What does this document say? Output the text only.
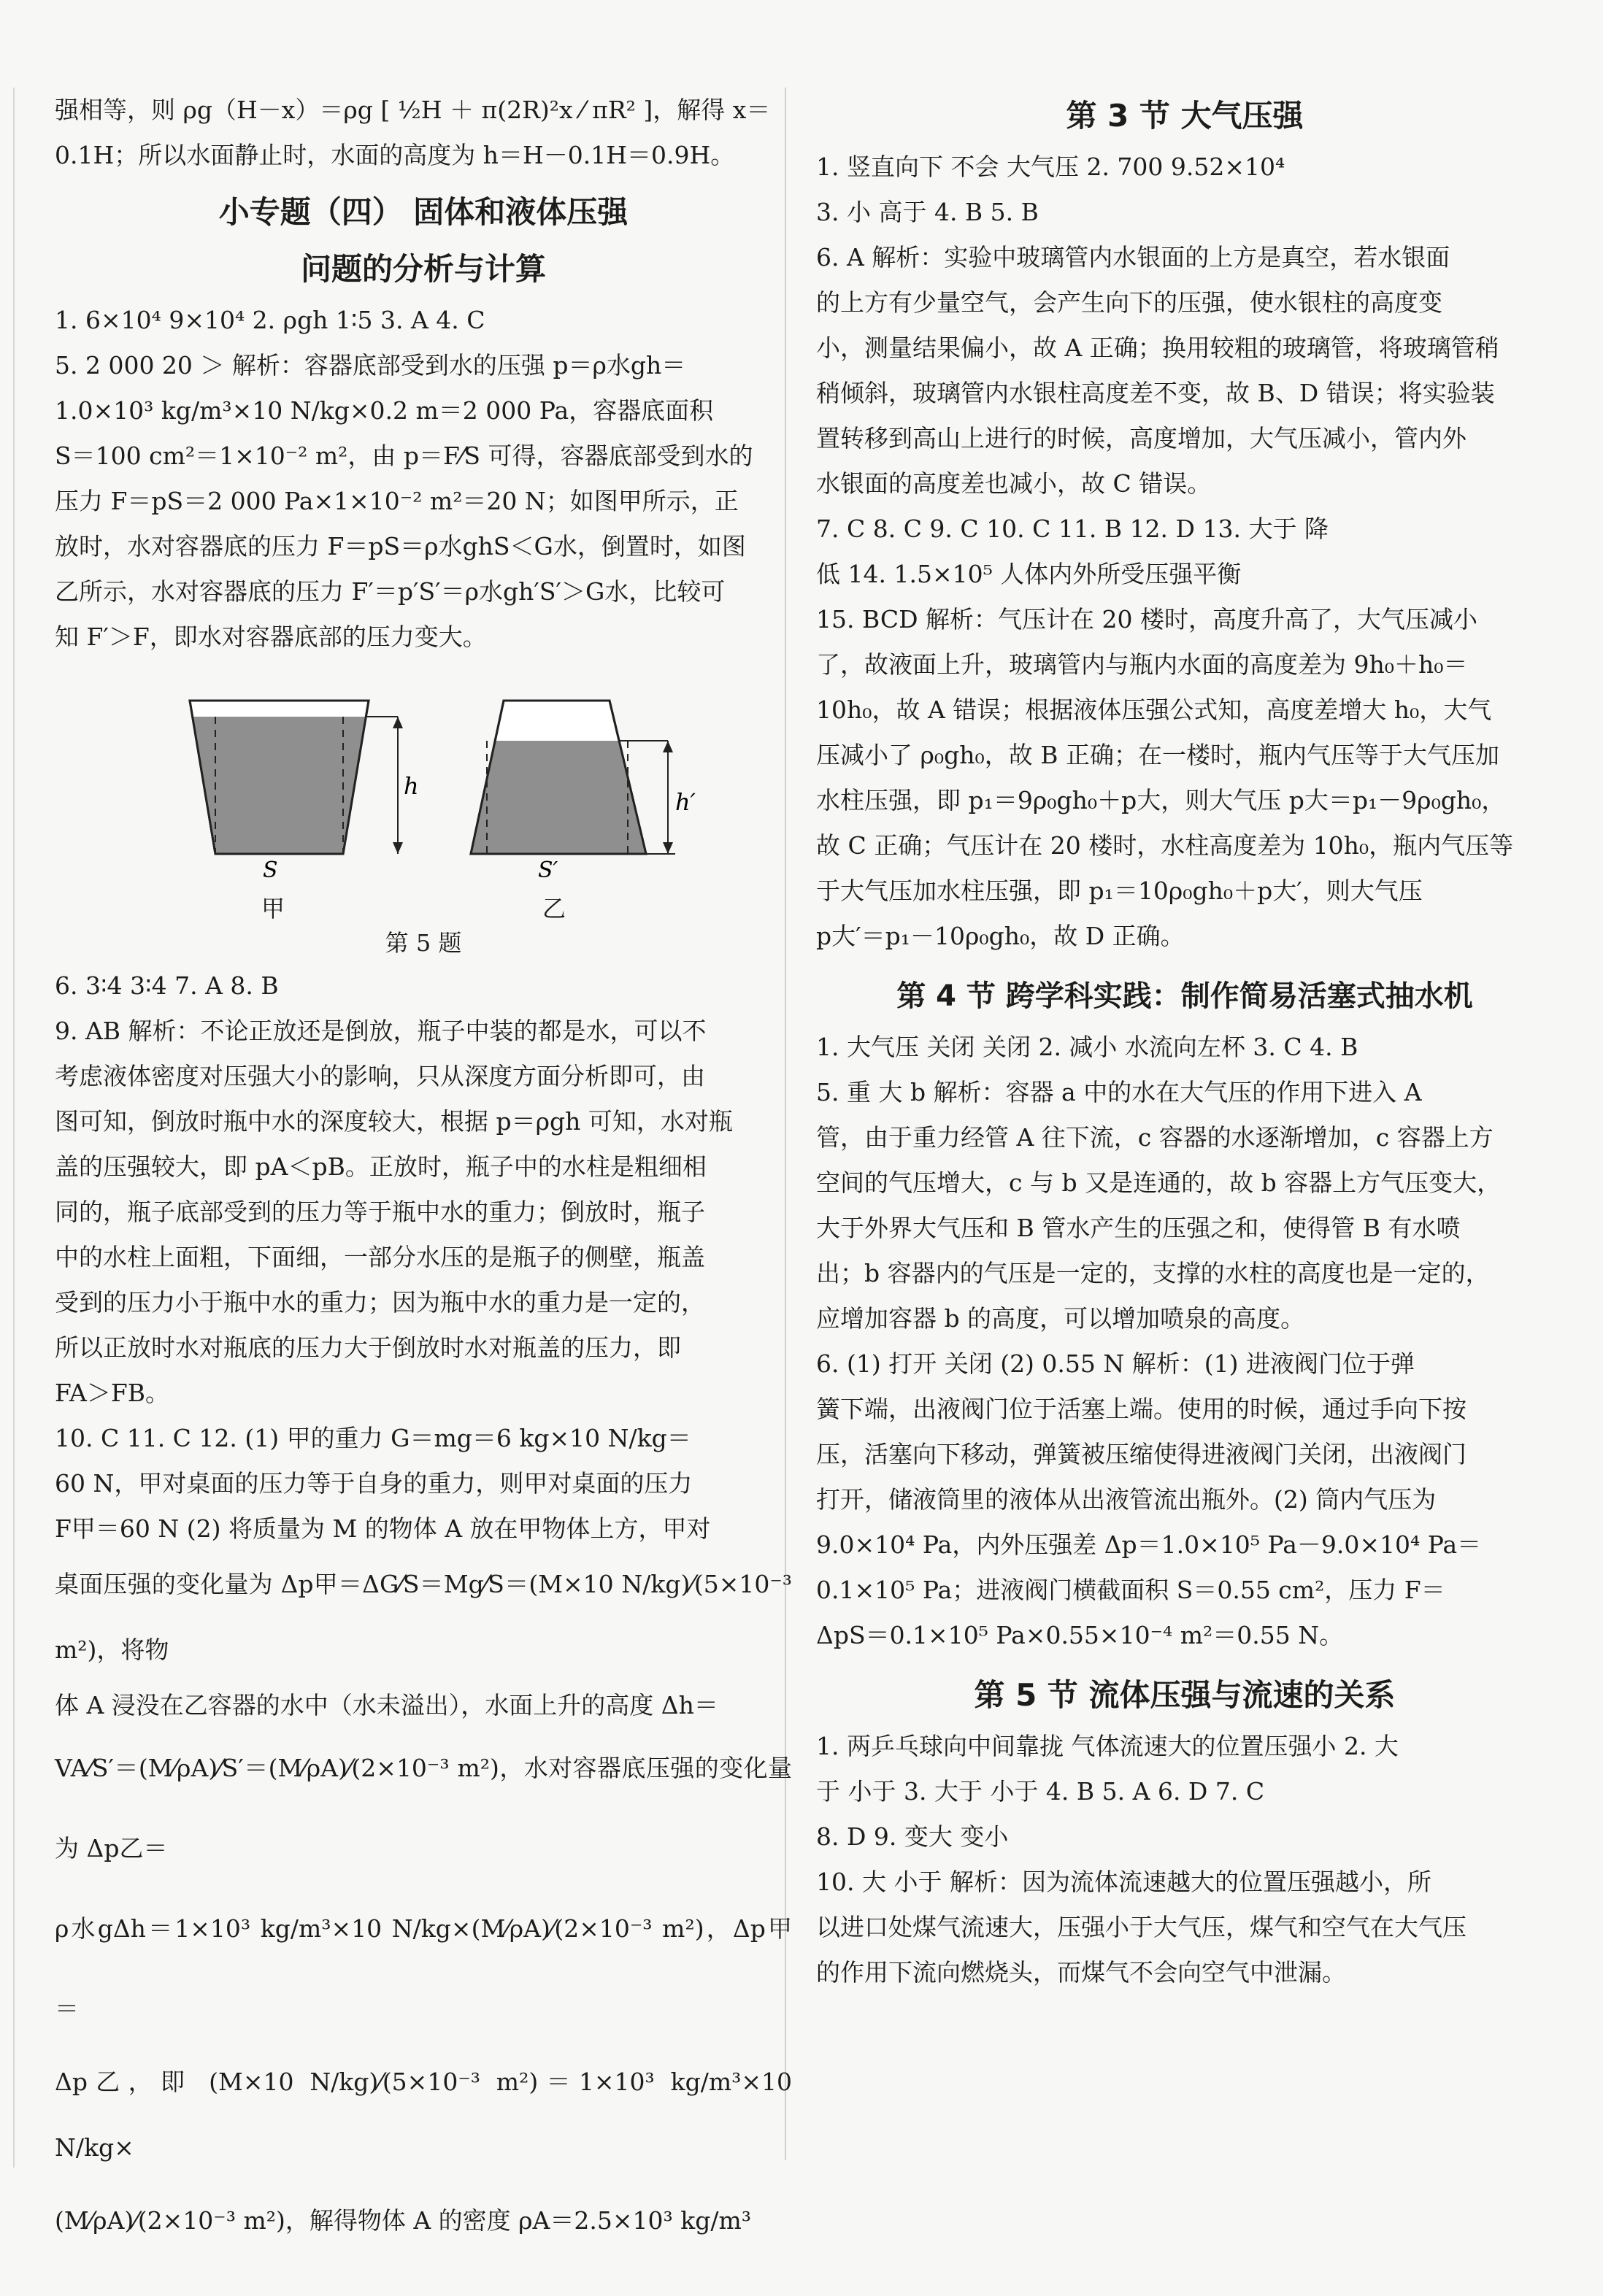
强相等，则 ρg（H－x）＝ρg [ ½H ＋ π(2R)²x ⁄ πR² ]，解得 x＝

0.1H；所以水面静止时，水面的高度为 h＝H－0.1H＝0.9H。

小专题（四） 固体和液体压强
问题的分析与计算

1. 6×10⁴ 9×10⁴ 2. ρgh 1∶5 3. A 4. C

5. 2 000 20 ＞ 解析：容器底部受到水的压强 p＝ρ水gh＝

1.0×10³ kg/m³×10 N/kg×0.2 m＝2 000 Pa，容器底面积

S＝100 cm²＝1×10⁻² m²，由 p＝F⁄S 可得，容器底部受到水的

压力 F＝pS＝2 000 Pa×1×10⁻² m²＝20 N；如图甲所示，正

放时，水对容器底的压力 F＝pS＝ρ水ghS＜G水，倒置时，如图

乙所示，水对容器底的压力 F′＝p′S′＝ρ水gh′S′＞G水，比较可

知 F′＞F，即水对容器底部的压力变大。

h
h′
S	S′
甲	乙
第 5 题

6. 3∶4 3∶4 7. A 8. B

9. AB 解析：不论正放还是倒放，瓶子中装的都是水，可以不

考虑液体密度对压强大小的影响，只从深度方面分析即可，由

图可知，倒放时瓶中水的深度较大，根据 p＝ρgh 可知，水对瓶

盖的压强较大，即 pA＜pB。正放时，瓶子中的水柱是粗细相

同的，瓶子底部受到的压力等于瓶中水的重力；倒放时，瓶子

中的水柱上面粗，下面细，一部分水压的是瓶子的侧壁，瓶盖

受到的压力小于瓶中水的重力；因为瓶中水的重力是一定的，

所以正放时水对瓶底的压力大于倒放时水对瓶盖的压力，即

FA＞FB。

10. C 11. C 12. (1) 甲的重力 G＝mg＝6 kg×10 N/kg＝

60 N，甲对桌面的压力等于自身的重力，则甲对桌面的压力

F甲＝60 N (2) 将质量为 M 的物体 A 放在甲物体上方，甲对

桌面压强的变化量为 Δp甲＝ΔG⁄S＝Mg⁄S＝(M×10 N/kg)⁄(5×10⁻³ m²)，将物

体 A 浸没在乙容器的水中（水未溢出），水面上升的高度 Δh＝

VA⁄S′＝(M⁄ρA)⁄S′＝(M⁄ρA)⁄(2×10⁻³ m²)，水对容器底压强的变化量为 Δp乙＝

ρ水gΔh＝1×10³ kg/m³×10 N/kg×(M⁄ρA)⁄(2×10⁻³ m²)，Δp甲＝

Δp乙，即 (M×10 N/kg)⁄(5×10⁻³ m²)＝1×10³ kg/m³×10 N/kg×

(M⁄ρA)⁄(2×10⁻³ m²)，解得物体 A 的密度 ρA＝2.5×10³ kg/m³

第 3 节 大气压强

1. 竖直向下 不会 大气压 2. 700 9.52×10⁴

3. 小 高于 4. B 5. B

6. A 解析：实验中玻璃管内水银面的上方是真空，若水银面

的上方有少量空气，会产生向下的压强，使水银柱的高度变

小，测量结果偏小，故 A 正确；换用较粗的玻璃管，将玻璃管稍

稍倾斜，玻璃管内水银柱高度差不变，故 B、D 错误；将实验装

置转移到高山上进行的时候，高度增加，大气压减小，管内外

水银面的高度差也减小，故 C 错误。

7. C 8. C 9. C 10. C 11. B 12. D 13. 大于 降

低 14. 1.5×10⁵ 人体内外所受压强平衡

15. BCD 解析：气压计在 20 楼时，高度升高了，大气压减小

了，故液面上升，玻璃管内与瓶内水面的高度差为 9h₀＋h₀＝

10h₀，故 A 错误；根据液体压强公式知，高度差增大 h₀，大气

压减小了 ρ₀gh₀，故 B 正确；在一楼时，瓶内气压等于大气压加

水柱压强，即 p₁＝9ρ₀gh₀＋p大，则大气压 p大＝p₁－9ρ₀gh₀，

故 C 正确；气压计在 20 楼时，水柱高度差为 10h₀，瓶内气压等

于大气压加水柱压强，即 p₁＝10ρ₀gh₀＋p大′，则大气压

p大′＝p₁－10ρ₀gh₀，故 D 正确。

第 4 节 跨学科实践：制作简易活塞式抽水机

1. 大气压 关闭 关闭 2. 减小 水流向左杯 3. C 4. B

5. 重 大 b 解析：容器 a 中的水在大气压的作用下进入 A

管，由于重力经管 A 往下流，c 容器的水逐渐增加，c 容器上方

空间的气压增大，c 与 b 又是连通的，故 b 容器上方气压变大，

大于外界大气压和 B 管水产生的压强之和，使得管 B 有水喷

出；b 容器内的气压是一定的，支撑的水柱的高度也是一定的，

应增加容器 b 的高度，可以增加喷泉的高度。

6. (1) 打开 关闭 (2) 0.55 N 解析：(1) 进液阀门位于弹

簧下端，出液阀门位于活塞上端。使用的时候，通过手向下按

压，活塞向下移动，弹簧被压缩使得进液阀门关闭，出液阀门

打开，储液筒里的液体从出液管流出瓶外。(2) 筒内气压为

9.0×10⁴ Pa，内外压强差 Δp＝1.0×10⁵ Pa－9.0×10⁴ Pa＝

0.1×10⁵ Pa；进液阀门横截面积 S＝0.55 cm²，压力 F＝

ΔpS＝0.1×10⁵ Pa×0.55×10⁻⁴ m²＝0.55 N。

第 5 节 流体压强与流速的关系

1. 两乒乓球向中间靠拢 气体流速大的位置压强小 2. 大

于 小于 3. 大于 小于 4. B 5. A 6. D 7. C

8. D 9. 变大 变小

10. 大 小于 解析：因为流体流速越大的位置压强越小，所

以进口处煤气流速大，压强小于大气压，煤气和空气在大气压

的作用下流向燃烧头，而煤气不会向空气中泄漏。
